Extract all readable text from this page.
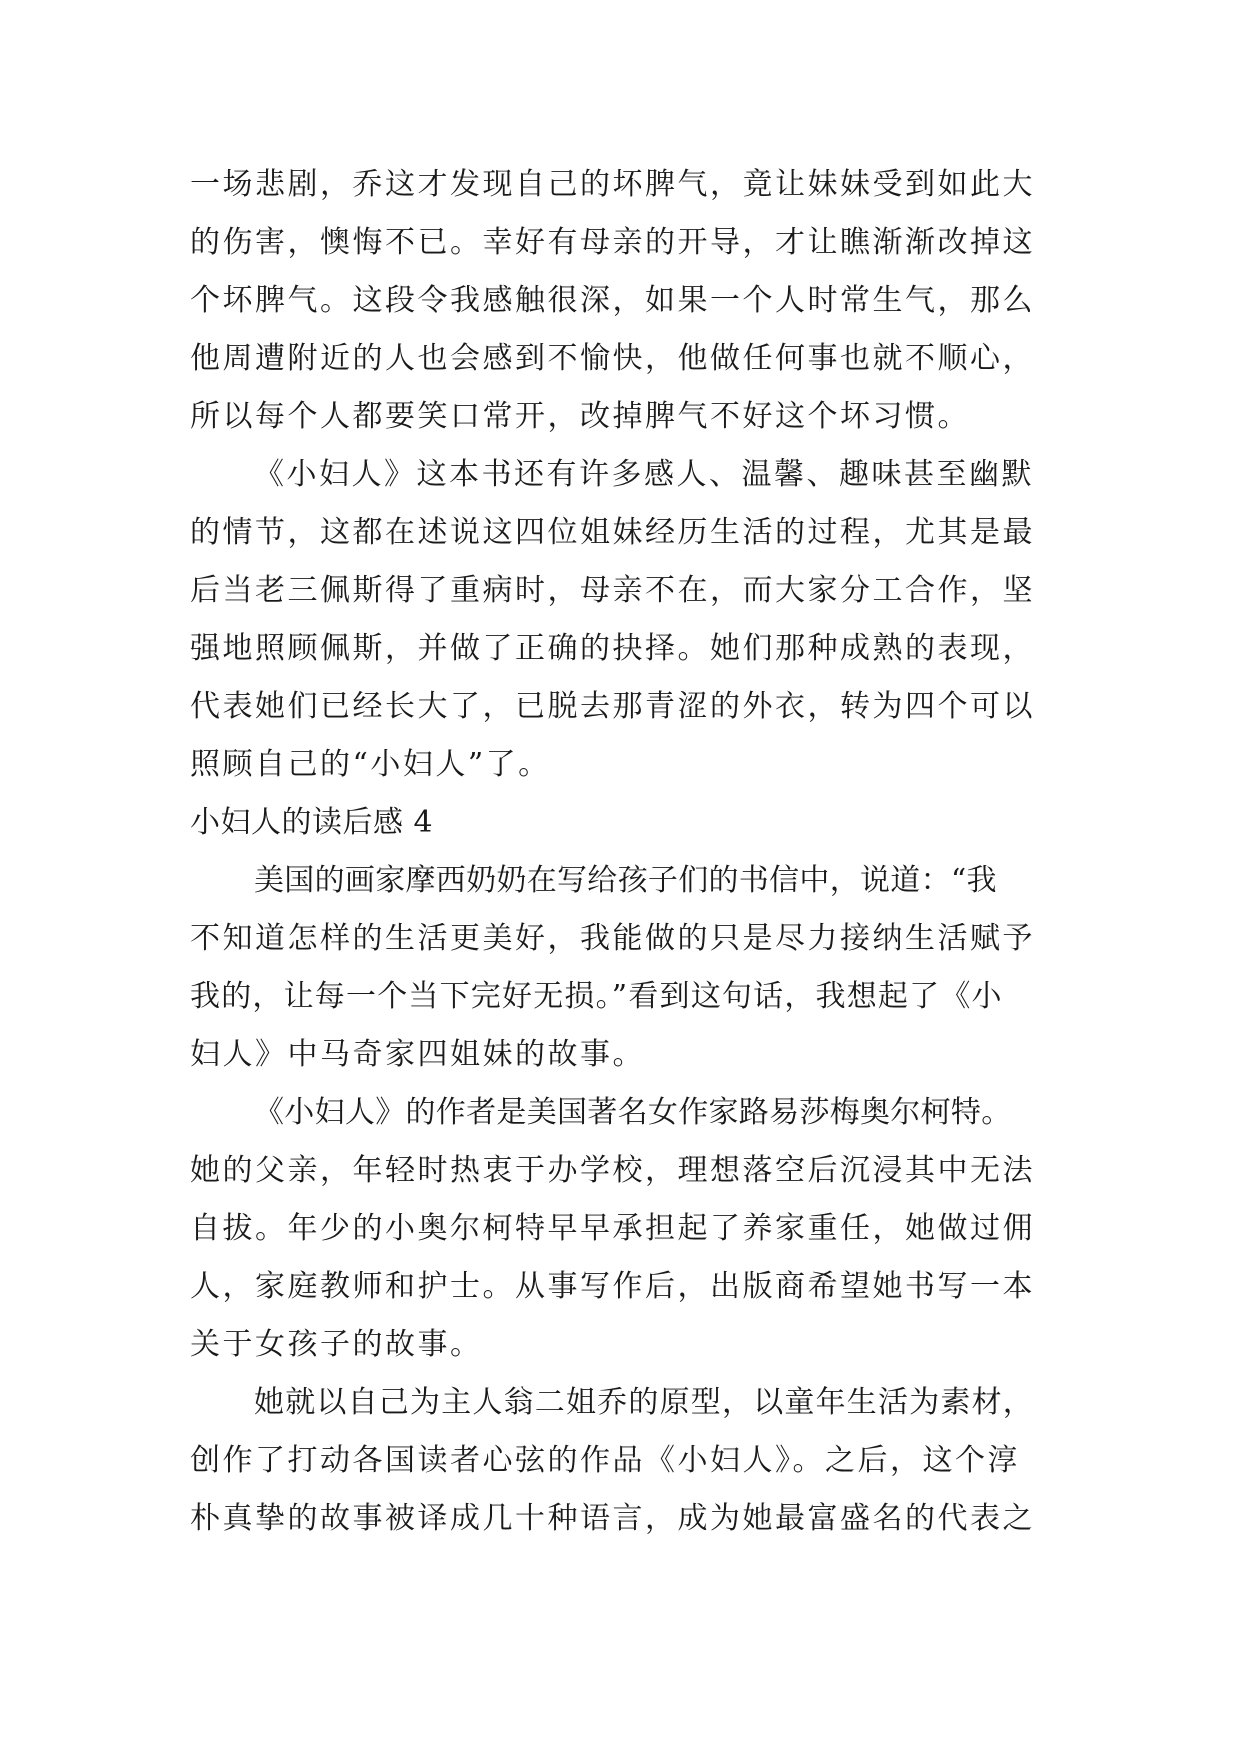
一场悲剧，乔这才发现自己的坏脾气，竟让妹妹受到如此大
的伤害，懊悔不已。幸好有母亲的开导，才让瞧渐渐改掉这
个坏脾气。这段令我感触很深，如果一个人时常生气，那么
他周遭附近的人也会感到不愉快，他做任何事也就不顺心，
所以每个人都要笑口常开，改掉脾气不好这个坏习惯。
《小妇人》这本书还有许多感人、温馨、趣味甚至幽默
的情节，这都在述说这四位姐妹经历生活的过程，尤其是最
后当老三佩斯得了重病时，母亲不在，而大家分工合作，坚
强地照顾佩斯，并做了正确的抉择。她们那种成熟的表现，
代表她们已经长大了，已脱去那青涩的外衣，转为四个可以
照顾自己的“小妇人”了。
小妇人的读后感 4
美国的画家摩西奶奶在写给孩子们的书信中，说道：“我
不知道怎样的生活更美好，我能做的只是尽力接纳生活赋予
我的，让每一个当下完好无损。”看到这句话，我想起了《小
妇人》中马奇家四姐妹的故事。
《小妇人》的作者是美国著名女作家路易莎梅奥尔柯特。
她的父亲，年轻时热衷于办学校，理想落空后沉浸其中无法
自拔。年少的小奥尔柯特早早承担起了养家重任，她做过佣
人，家庭教师和护士。从事写作后，出版商希望她书写一本
关于女孩子的故事。
她就以自己为主人翁二姐乔的原型，以童年生活为素材，
创作了打动各国读者心弦的作品《小妇人》。之后，这个淳
朴真挚的故事被译成几十种语言，成为她最富盛名的代表之
